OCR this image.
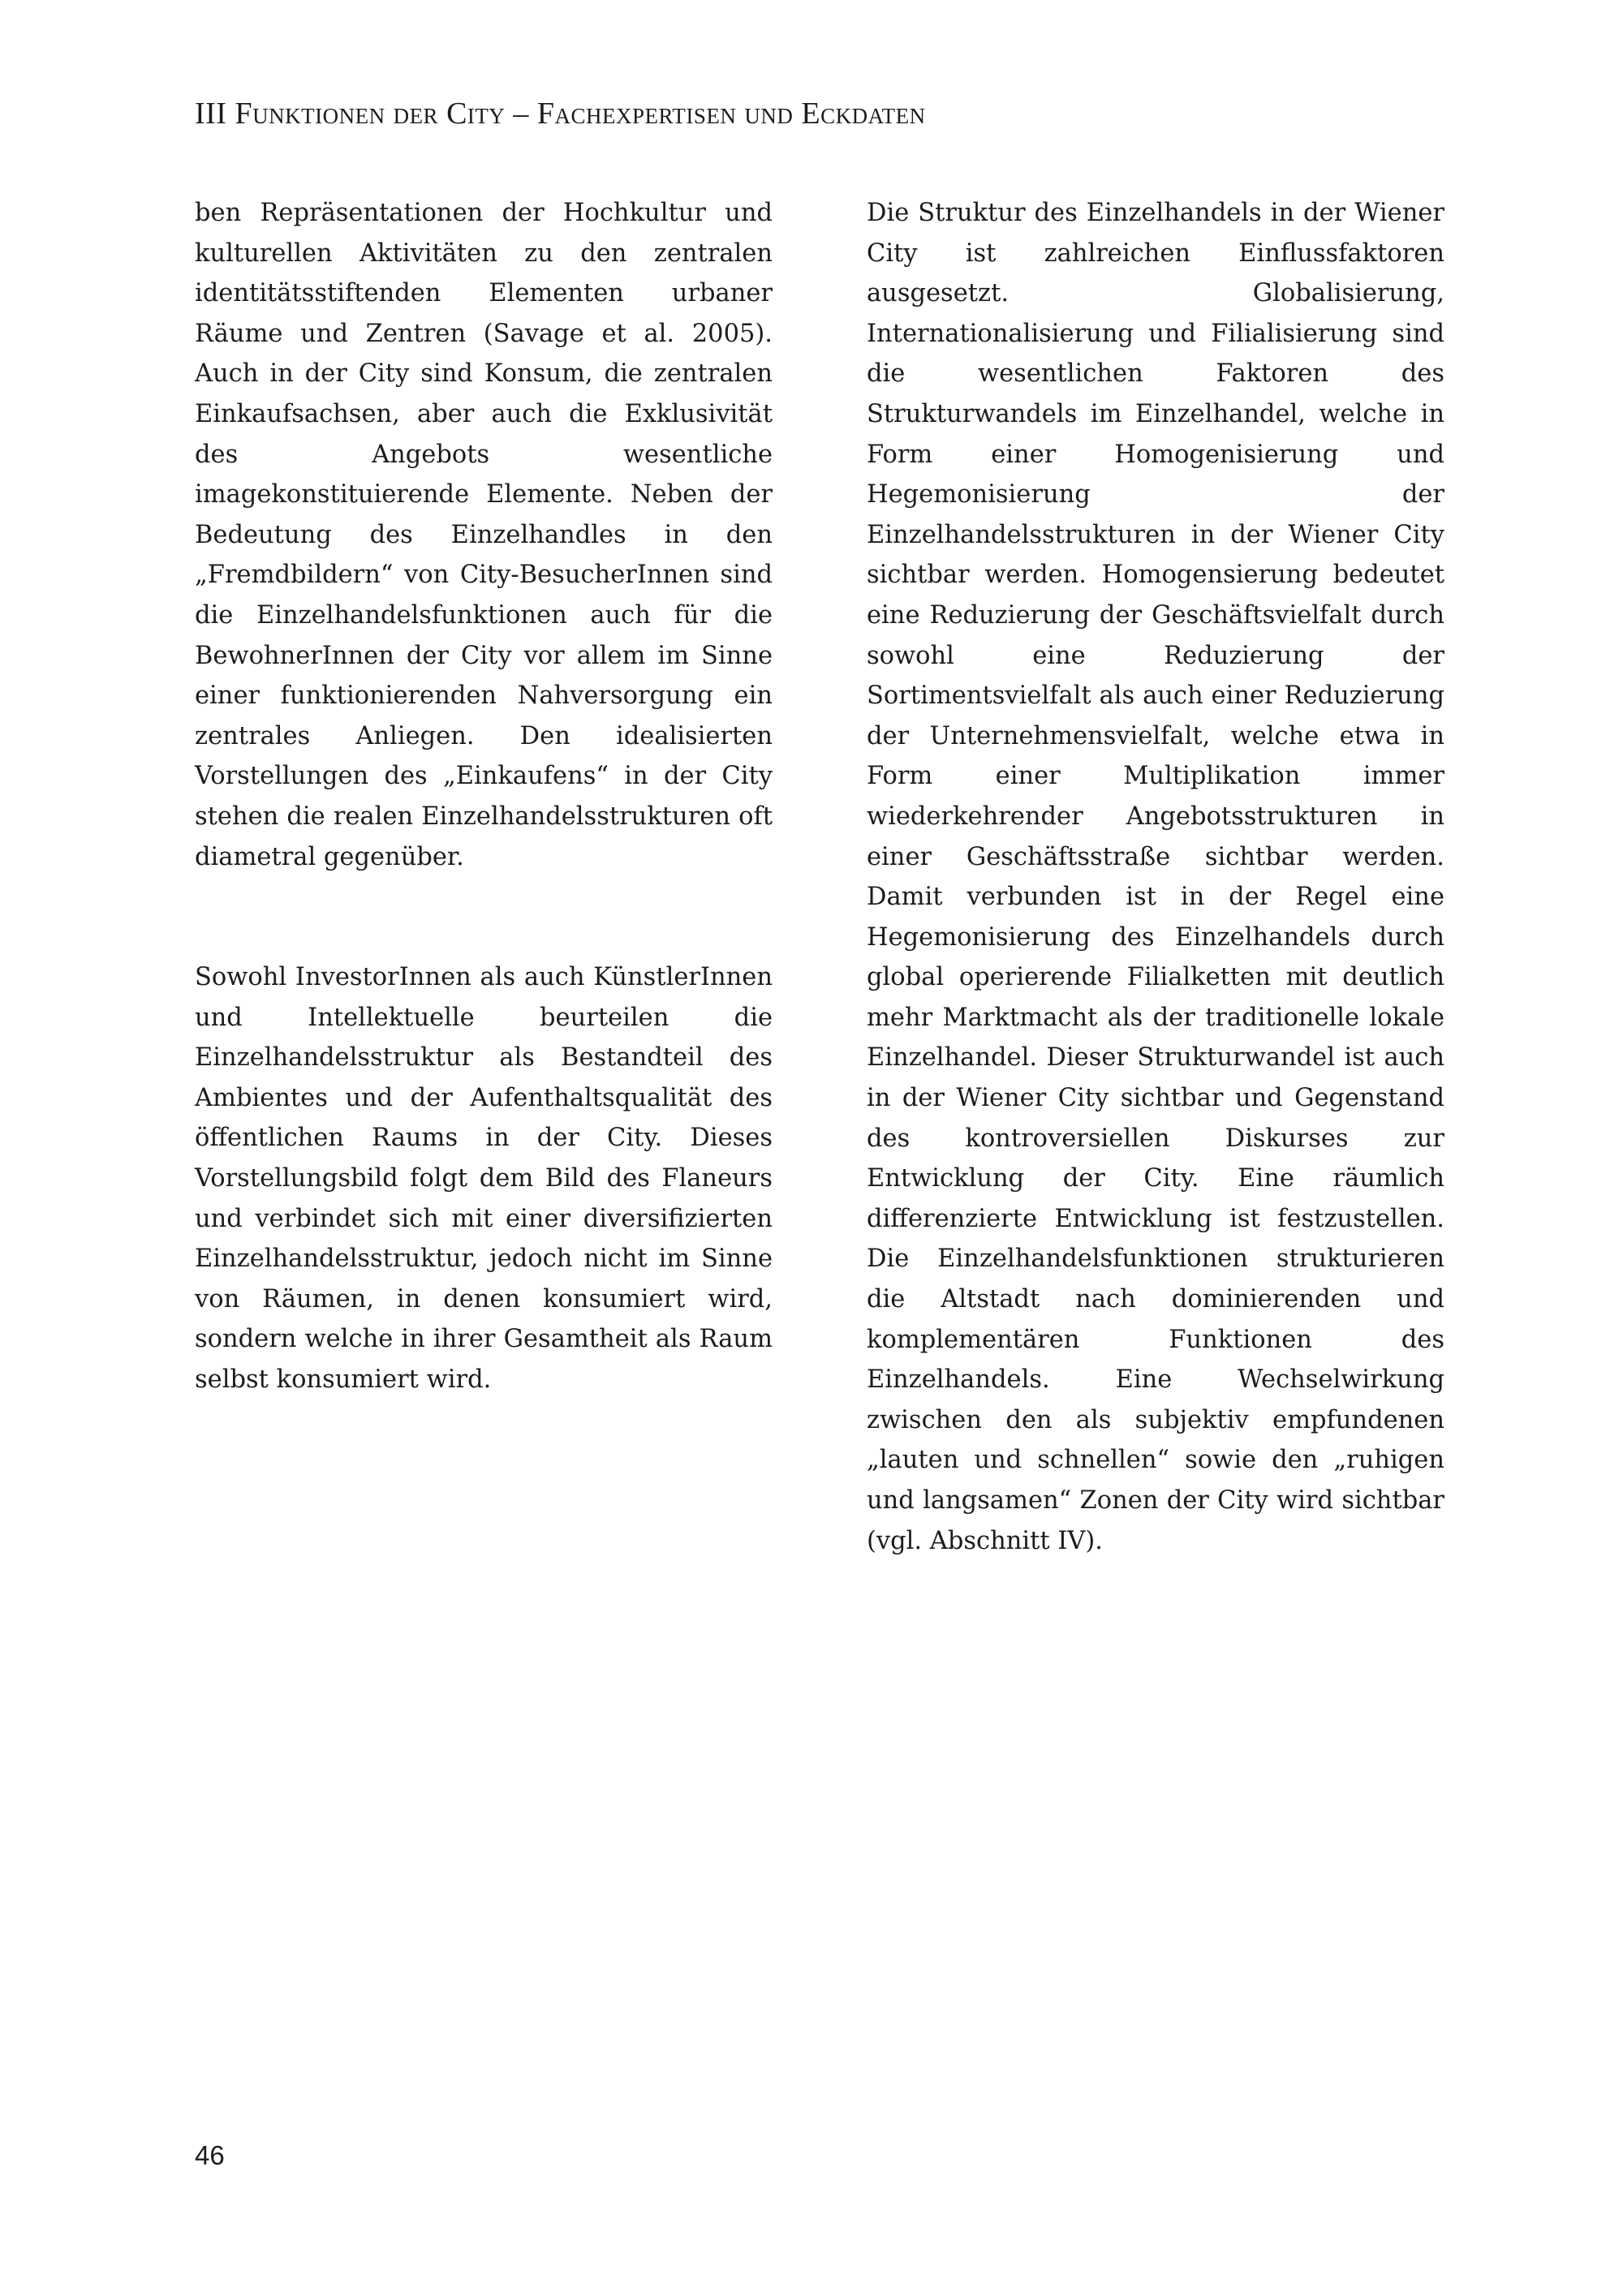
III Funktionen der City – Fachexpertisen und Eckdaten

ben Repräsentationen der Hochkultur und kulturellen Aktivitäten zu den zentralen identitätsstiftenden Elementen urbaner Räume und Zentren (Savage et al. 2005). Auch in der City sind Konsum, die zentralen Einkaufsachsen, aber auch die Exklusivität des Angebots wesentliche imagekonstituierende Elemente. Neben der Bedeutung des Einzelhandles in den „Fremdbildern“ von City-BesucherInnen sind die Einzelhandelsfunktionen auch für die BewohnerInnen der City vor allem im Sinne einer funktionierenden Nahversorgung ein zentrales Anliegen. Den idealisierten Vorstellungen des „Einkaufens“ in der City stehen die realen Einzelhandelsstrukturen oft diametral gegenüber.

Sowohl InvestorInnen als auch KünstlerInnen und Intellektuelle beurteilen die Einzelhandelsstruktur als Bestandteil des Ambientes und der Aufenthaltsqualität des öffentlichen Raums in der City. Dieses Vorstellungsbild folgt dem Bild des Flaneurs und verbindet sich mit einer diversifizierten Einzelhandelsstruktur, jedoch nicht im Sinne von Räumen, in denen konsumiert wird, sondern welche in ihrer Gesamtheit als Raum selbst konsumiert wird.

Die Struktur des Einzelhandels in der Wiener City ist zahlreichen Einflussfaktoren ausgesetzt. Globalisierung, Internationalisierung und Filialisierung sind die wesentlichen Faktoren des Strukturwandels im Einzelhandel, welche in Form einer Homogenisierung und Hegemonisierung der Einzelhandelsstrukturen in der Wiener City sichtbar werden. Homogensierung bedeutet eine Reduzierung der Geschäftsvielfalt durch sowohl eine Reduzierung der Sortimentsvielfalt als auch einer Reduzierung der Unternehmensvielfalt, welche etwa in Form einer Multiplikation immer wiederkehrender Angebotsstrukturen in einer Geschäftsstraße sichtbar werden. Damit verbunden ist in der Regel eine Hegemonisierung des Einzelhandels durch global operierende Filialketten mit deutlich mehr Marktmacht als der traditionelle lokale Einzelhandel. Dieser Strukturwandel ist auch in der Wiener City sichtbar und Gegenstand des kontroversiellen Diskurses zur Entwicklung der City. Eine räumlich differenzierte Entwicklung ist festzustellen. Die Einzelhandelsfunktionen strukturieren die Altstadt nach dominierenden und komplementären Funktionen des Einzelhandels. Eine Wechselwirkung zwischen den als subjektiv empfundenen „lauten und schnellen“ sowie den „ruhigen und langsamen“ Zonen der City wird sichtbar (vgl. Abschnitt IV).

46
